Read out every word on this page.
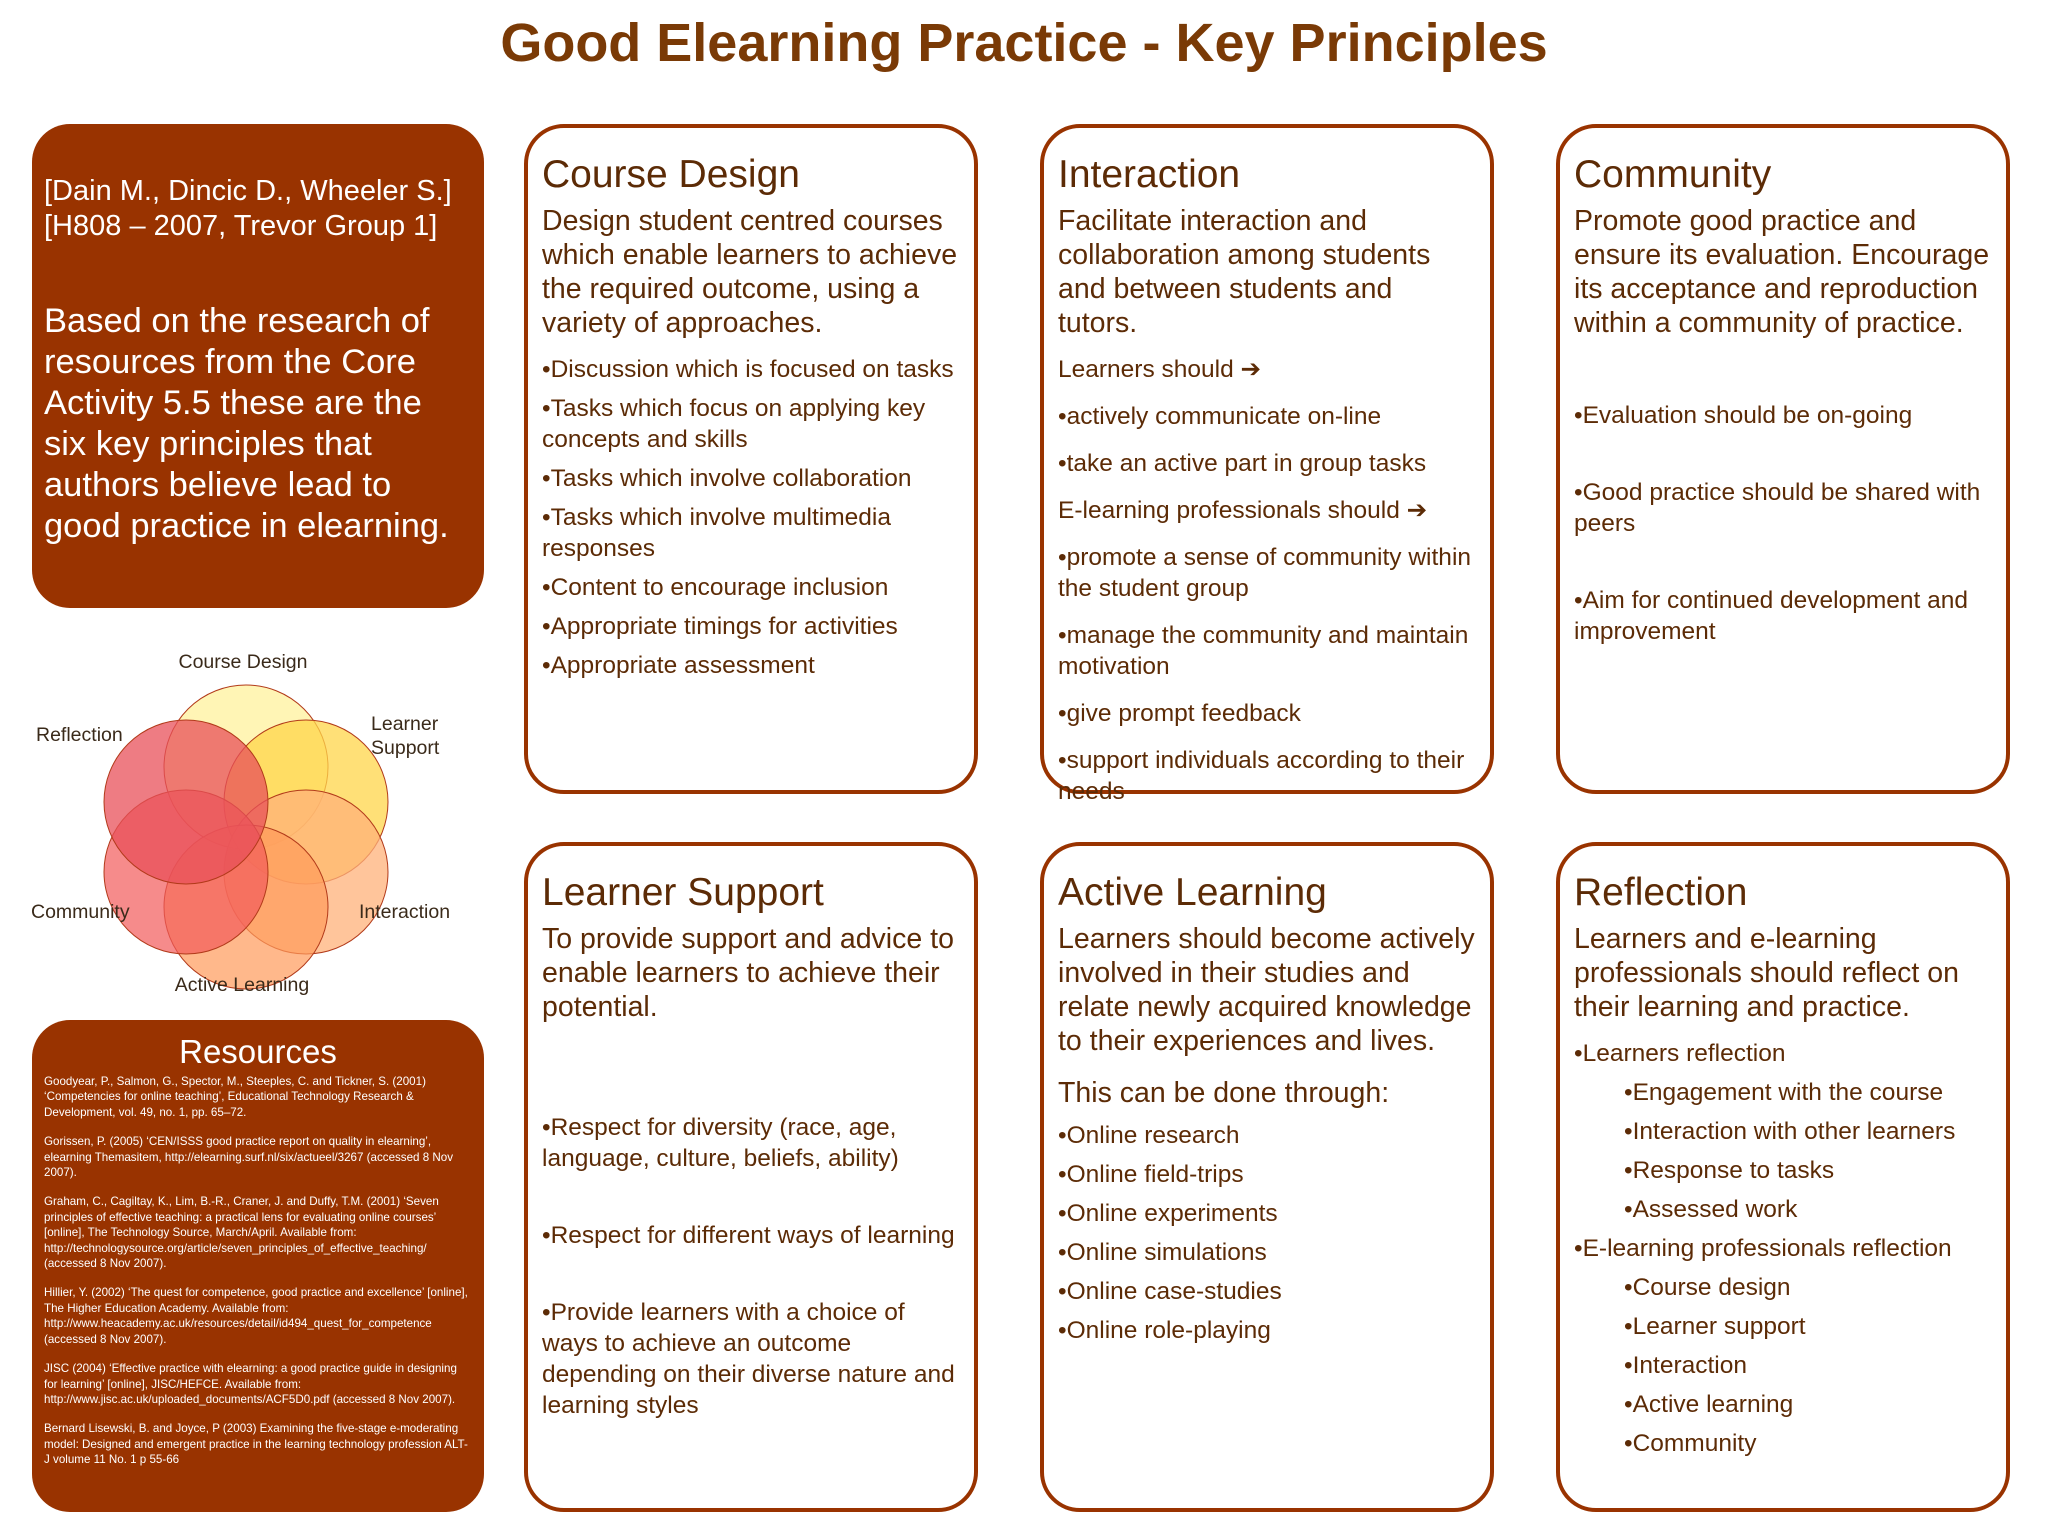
Good Elearning Practice - Key Principles
[Dain M., Dincic D., Wheeler S.]
[H808 – 2007, Trevor Group 1]
Based on the research of resources from the Core Activity 5.5 these are the six key principles that authors believe lead to good practice in elearning.
Course Design
Learner
Support
Reflection
Community	Interaction
Active Learning
Resources

Goodyear, P., Salmon, G., Spector, M., Steeples, C. and Tickner, S. (2001) ‘Competencies for online teaching’, Educational Technology Research & Development, vol. 49, no. 1, pp. 65–72.

Gorissen, P. (2005) ‘CEN/ISSS good practice report on quality in elearning’, elearning Themasitem, http://elearning.surf.nl/six/actueel/3267 (accessed 8 Nov 2007).

Graham, C., Cagiltay, K., Lim, B.-R., Craner, J. and Duffy, T.M. (2001) ‘Seven principles of effective teaching: a practical lens for evaluating online courses’ [online], The Technology Source, March/April. Available from: http://technologysource.org/article/seven_principles_of_effective_teaching/ (accessed 8 Nov 2007).

Hillier, Y. (2002) ‘The quest for competence, good practice and excellence’ [online], The Higher Education Academy. Available from: http://www.heacademy.ac.uk/resources/detail/id494_quest_for_competence (accessed 8 Nov 2007).

JISC (2004) ‘Effective practice with elearning: a good practice guide in designing for learning’ [online], JISC/HEFCE. Available from: http://www.jisc.ac.uk/uploaded_documents/ACF5D0.pdf (accessed 8 Nov 2007).

Bernard Lisewski, B. and Joyce, P (2003) Examining the five-stage e-moderating model: Designed and emergent practice in the learning technology profession ALT-J volume 11 No. 1 p 55-66

Course Design

Design student centred courses which enable learners to achieve the required outcome, using a variety of approaches.

•Discussion which is focused on tasks
•Tasks which focus on applying key concepts and skills
•Tasks which involve collaboration
•Tasks which involve multimedia responses
•Content to encourage inclusion
•Appropriate timings for activities
•Appropriate assessment
Interaction

Facilitate interaction and collaboration among students and between students and tutors.

Learners should ➔
•actively communicate on-line
•take an active part in group tasks
E-learning professionals should ➔
•promote a sense of community within the student group
•manage the community and maintain motivation
•give prompt feedback
•support individuals according to their needs
Community

Promote good practice and ensure its evaluation. Encourage its acceptance and reproduction within a community of practice.

•Evaluation should be on-going
•Good practice should be shared with peers
•Aim for continued development and improvement
Learner Support

To provide support and advice to enable learners to achieve their potential.

•Respect for diversity (race, age, language, culture, beliefs, ability)
•Respect for different ways of learning
•Provide learners with a choice of ways to achieve an outcome depending on their diverse nature and learning styles
Active Learning

Learners should become actively involved in their studies and relate newly acquired knowledge to their experiences and lives.

This can be done through:

•Online research
•Online field-trips
•Online experiments
•Online simulations
•Online case-studies
•Online role-playing
Reflection

Learners and e-learning professionals should reflect on their learning and practice.

•Learners reflection
•Engagement with the course
•Interaction with other learners
•Response to tasks
•Assessed work
•E-learning professionals reflection
•Course design
•Learner support
•Interaction
•Active learning
•Community
